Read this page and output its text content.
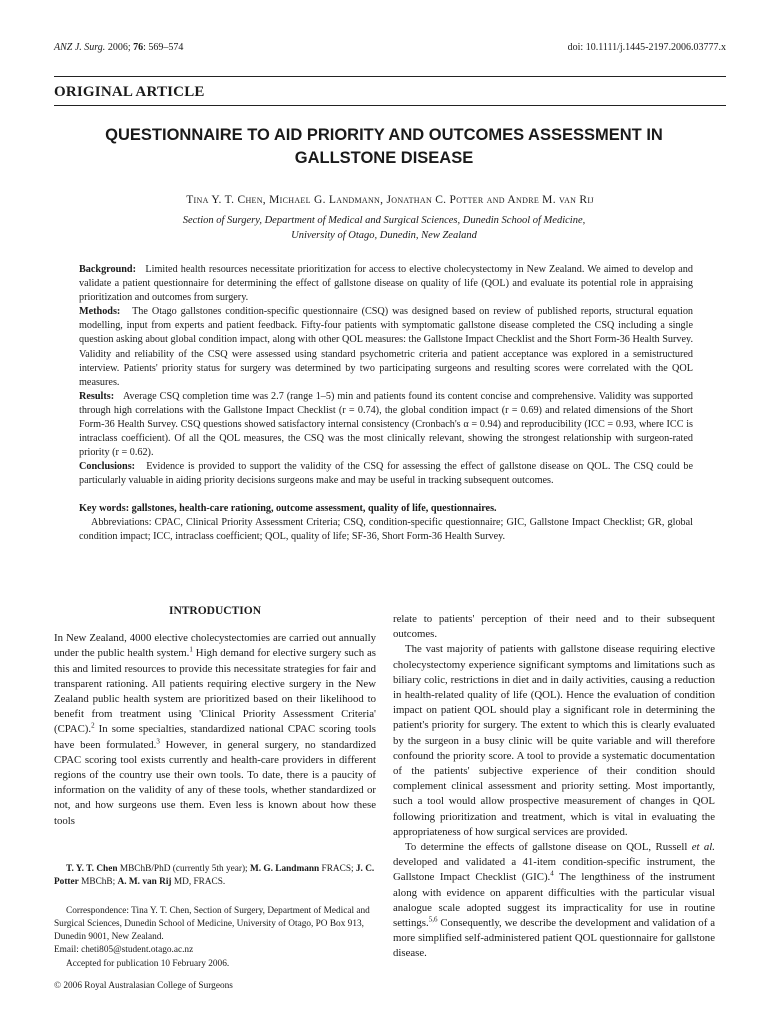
ANZ J. Surg. 2006; 76: 569–574	doi: 10.1111/j.1445-2197.2006.03777.x
ORIGINAL ARTICLE
QUESTIONNAIRE TO AID PRIORITY AND OUTCOMES ASSESSMENT IN GALLSTONE DISEASE
Tina Y. T. Chen, Michael G. Landmann, Jonathan C. Potter and Andre M. van Rij
Section of Surgery, Department of Medical and Surgical Sciences, Dunedin School of Medicine,
University of Otago, Dunedin, New Zealand

Background: Limited health resources necessitate prioritization for access to elective cholecystectomy in New Zealand. We aimed to develop and validate a patient questionnaire for determining the effect of gallstone disease on quality of life (QOL) and evaluate its potential role in appraising prioritization and outcomes from surgery.

Methods: The Otago gallstones condition-specific questionnaire (CSQ) was designed based on review of published reports, structural equation modelling, input from experts and patient feedback. Fifty-four patients with symptomatic gallstone disease completed the CSQ including a single question asking about global condition impact, along with other QOL measures: the Gallstone Impact Checklist and the Short Form-36 Health Survey. Validity and reliability of the CSQ were assessed using standard psychometric criteria and patient acceptance was explored in a semistructured interview. Patients' priority status for surgery was determined by two participating surgeons and resulting scores were correlated with the QOL measures.

Results: Average CSQ completion time was 2.7 (range 1–5) min and patients found its content concise and comprehensive. Validity was supported through high correlations with the Gallstone Impact Checklist (r = 0.74), the global condition impact (r = 0.69) and related dimensions of the Short Form-36 Health Survey. CSQ questions showed satisfactory internal consistency (Cronbach's α = 0.94) and reproducibility (ICC = 0.93, where ICC is intraclass coefficient). Of all the QOL measures, the CSQ was the most clinically relevant, showing the strongest relationship with surgeon-rated priority (r = 0.62).

Conclusions: Evidence is provided to support the validity of the CSQ for assessing the effect of gallstone disease on QOL. The CSQ could be particularly valuable in aiding priority decisions surgeons make and may be useful in tracking subsequent outcomes.

Key words: gallstones, health-care rationing, outcome assessment, quality of life, questionnaires.

Abbreviations: CPAC, Clinical Priority Assessment Criteria; CSQ, condition-specific questionnaire; GIC, Gallstone Impact Checklist; GR, global condition impact; ICC, intraclass coefficient; QOL, quality of life; SF-36, Short Form-36 Health Survey.

INTRODUCTION

In New Zealand, 4000 elective cholecystectomies are carried out annually under the public health system.$^1$ High demand for elective surgery such as this and limited resources to provide this necessitate strategies for fair and transparent rationing. All patients requiring elective surgery in the New Zealand public health system are prioritized based on their likelihood to benefit from treatment using 'Clinical Priority Assessment Criteria' (CPAC).$^2$ In some specialties, standardized national CPAC scoring tools have been formulated.$^3$ However, in general surgery, no standardized CPAC scoring tool exists currently and health-care providers in different regions of the country use their own tools. To date, there is a paucity of information on the validity of any of these tools, whether standardized or not, and how surgeons use them. Even less is known about how these tools

T. Y. T. Chen MBChB/PhD (currently 5th year); M. G. Landmann FRACS; J. C. Potter MBChB; A. M. van Rij MD, FRACS.

Correspondence: Tina Y. T. Chen, Section of Surgery, Department of Medical and Surgical Sciences, Dunedin School of Medicine, University of Otago, PO Box 913, Dunedin 9001, New Zealand.

Email: cheti805@student.otago.ac.nz

Accepted for publication 10 February 2006.

© 2006 Royal Australasian College of Surgeons

relate to patients' perception of their need and to their subsequent outcomes.

The vast majority of patients with gallstone disease requiring elective cholecystectomy experience significant symptoms and limitations such as biliary colic, restrictions in diet and in daily activities, causing a reduction in health-related quality of life (QOL). Hence the evaluation of condition impact on patient QOL should play a significant role in determining the patient's priority for surgery. The extent to which this is clearly evaluated by the surgeon in a busy clinic will be quite variable and will therefore confound the priority score. A tool to provide a systematic documentation of the patients' subjective experience of their condition should complement clinical assessment and priority setting. Most importantly, such a tool would allow prospective measurement of changes in QOL following prioritization and treatment, which is vital in evaluating the appropriateness of how surgical services are provided.

To determine the effects of gallstone disease on QOL, Russell et al. developed and validated a 41-item condition-specific instrument, the Gallstone Impact Checklist (GIC).$^4$ The lengthiness of the instrument along with evidence on apparent difficulties with the particular visual analogue scale adopted suggest its impracticality for use in routine settings.$^{5,6}$ Consequently, we describe the development and validation of a more simplified self-administered patient QOL questionnaire for gallstone disease.
